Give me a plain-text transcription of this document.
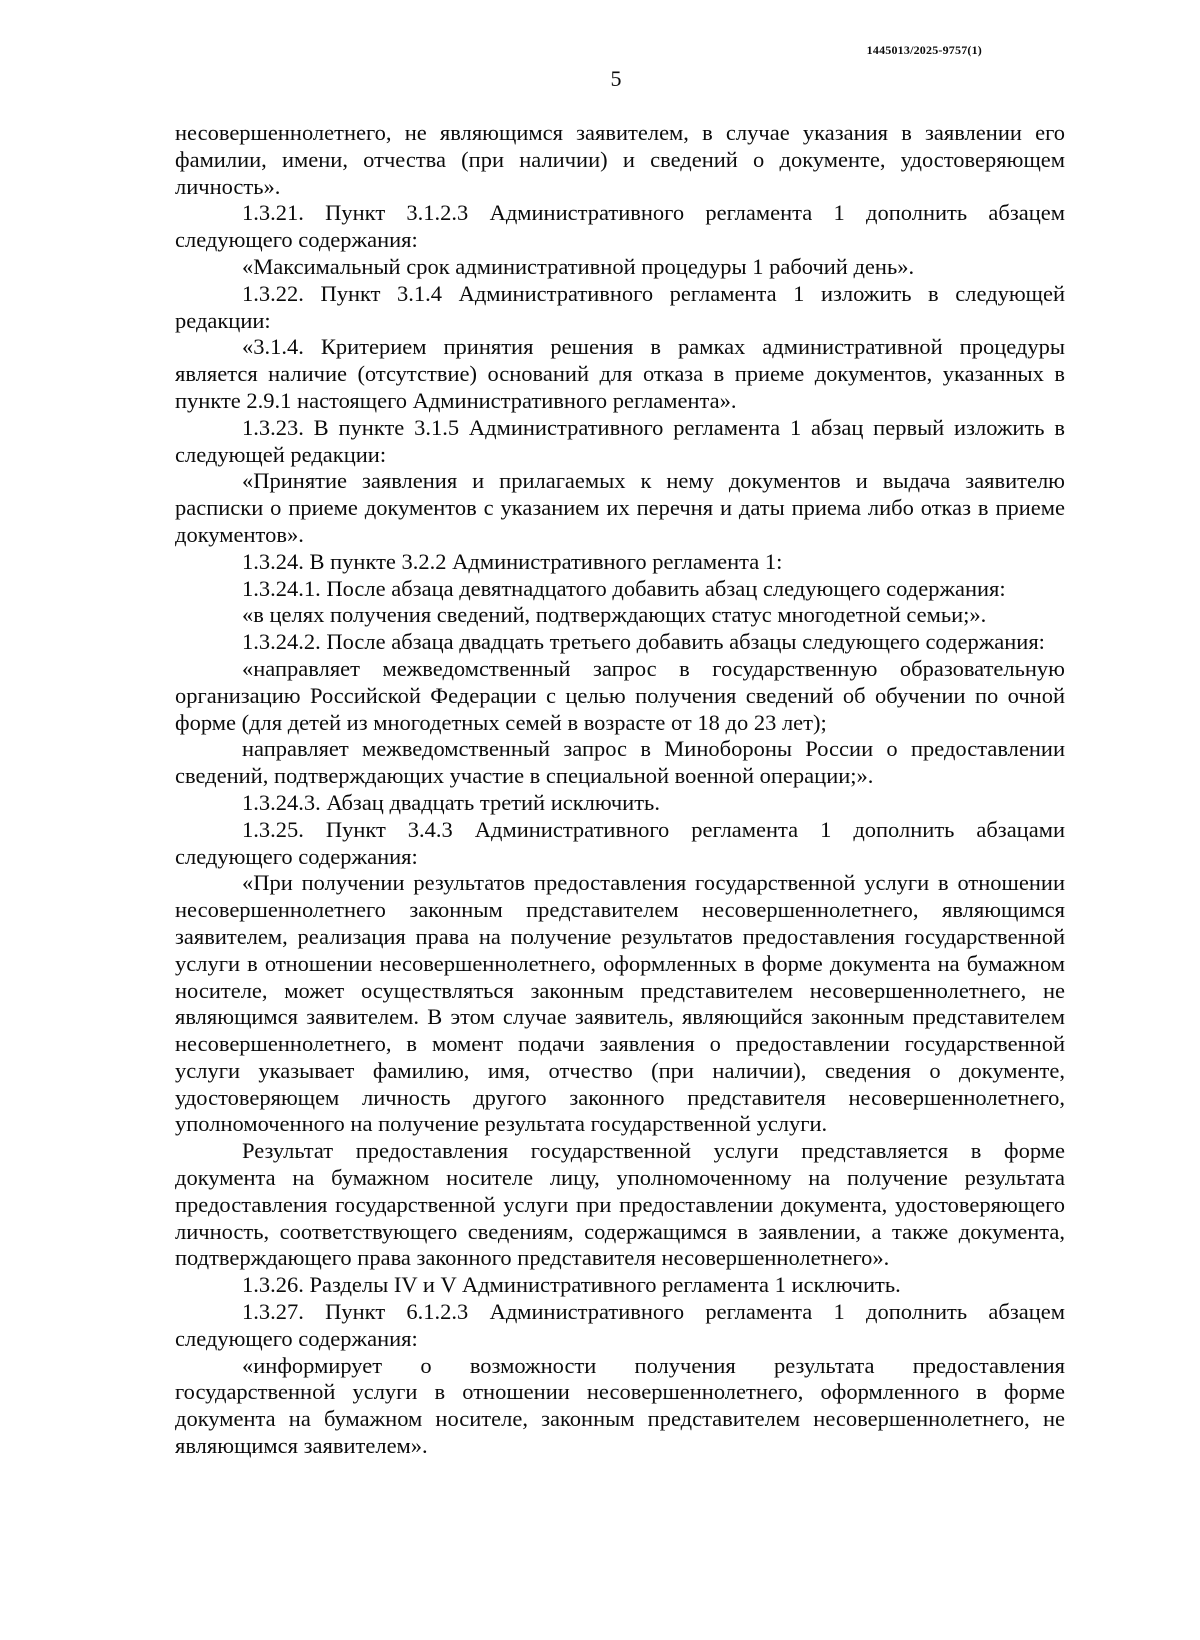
1445013/2025-9757(1)
5

несовершеннолетнего, не являющимся заявителем, в случае указания в заявлении его фамилии, имени, отчества (при наличии) и сведений о документе, удостоверяющем личность».

1.3.21. Пункт 3.1.2.3 Административного регламента 1 дополнить абзацем следующего содержания:

«Максимальный срок административной процедуры 1 рабочий день».

1.3.22. Пункт 3.1.4 Административного регламента 1 изложить в следующей редакции:

«3.1.4. Критерием принятия решения в рамках административной процедуры является наличие (отсутствие) оснований для отказа в приеме документов, указанных в пункте 2.9.1 настоящего Административного регламента».

1.3.23. В пункте 3.1.5 Административного регламента 1 абзац первый изложить в следующей редакции:

«Принятие заявления и прилагаемых к нему документов и выдача заявителю расписки о приеме документов с указанием их перечня и даты приема либо отказ в приеме документов».

1.3.24. В пункте 3.2.2 Административного регламента 1:

1.3.24.1. После абзаца девятнадцатого добавить абзац следующего содержания:

«в целях получения сведений, подтверждающих статус многодетной семьи;».

1.3.24.2. После абзаца двадцать третьего добавить абзацы следующего содержания:

«направляет межведомственный запрос в государственную образовательную организацию Российской Федерации с целью получения сведений об обучении по очной форме (для детей из многодетных семей в возрасте от 18 до 23 лет);

направляет межведомственный запрос в Минобороны России о предоставлении сведений, подтверждающих участие в специальной военной операции;».

1.3.24.3. Абзац двадцать третий исключить.

1.3.25. Пункт 3.4.3 Административного регламента 1 дополнить абзацами следующего содержания:

«При получении результатов предоставления государственной услуги в отношении несовершеннолетнего законным представителем несовершеннолетнего, являющимся заявителем, реализация права на получение результатов предоставления государственной услуги в отношении несовершеннолетнего, оформленных в форме документа на бумажном носителе, может осуществляться законным представителем несовершеннолетнего, не являющимся заявителем. В этом случае заявитель, являющийся законным представителем несовершеннолетнего, в момент подачи заявления о предоставлении государственной услуги указывает фамилию, имя, отчество (при наличии), сведения о документе, удостоверяющем личность другого законного представителя несовершеннолетнего, уполномоченного на получение результата государственной услуги.

Результат предоставления государственной услуги представляется в форме документа на бумажном носителе лицу, уполномоченному на получение результата предоставления государственной услуги при предоставлении документа, удостоверяющего личность, соответствующего сведениям, содержащимся в заявлении, а также документа, подтверждающего права законного представителя несовершеннолетнего».

1.3.26. Разделы IV и V Административного регламента 1 исключить.

1.3.27. Пункт 6.1.2.3 Административного регламента 1 дополнить абзацем следующего содержания:

«информирует о возможности получения результата предоставления государственной услуги в отношении несовершеннолетнего, оформленного в форме документа на бумажном носителе, законным представителем несовершеннолетнего, не являющимся заявителем».
